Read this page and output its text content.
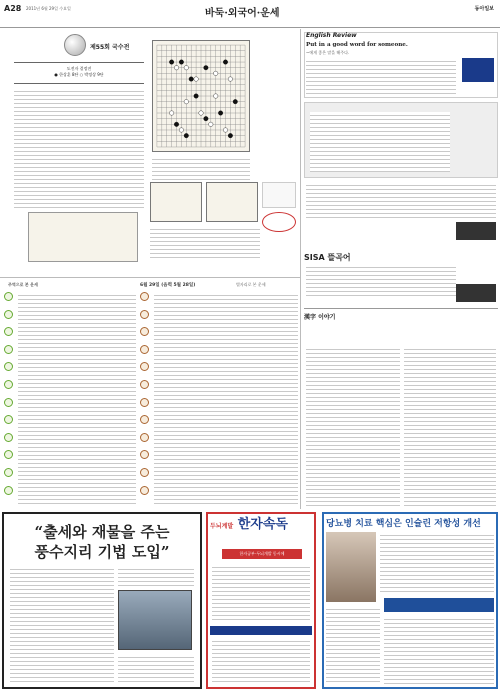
A28 2011년 6월 29일 수요일	바둑·외국어·운세	동아일보
제55회 국수전
도전자 결정전
● 한상훈 8단 ○ 박정상 9단
English Review
Put in a good word for someone.
~에게 좋은 말을 해주다.
SISA 뜰곡어
漢字 이야기
주역으로 본 운세	6월 29일 (음력 5월 28일)	별자리로 본 운세
“출세와 재물을 주는
풍수지리 기법 도입”
두뇌계발 한자속독
한자공부·두뇌개발 동시에
당뇨병 치료 핵심은 인슐린 저항성 개선
